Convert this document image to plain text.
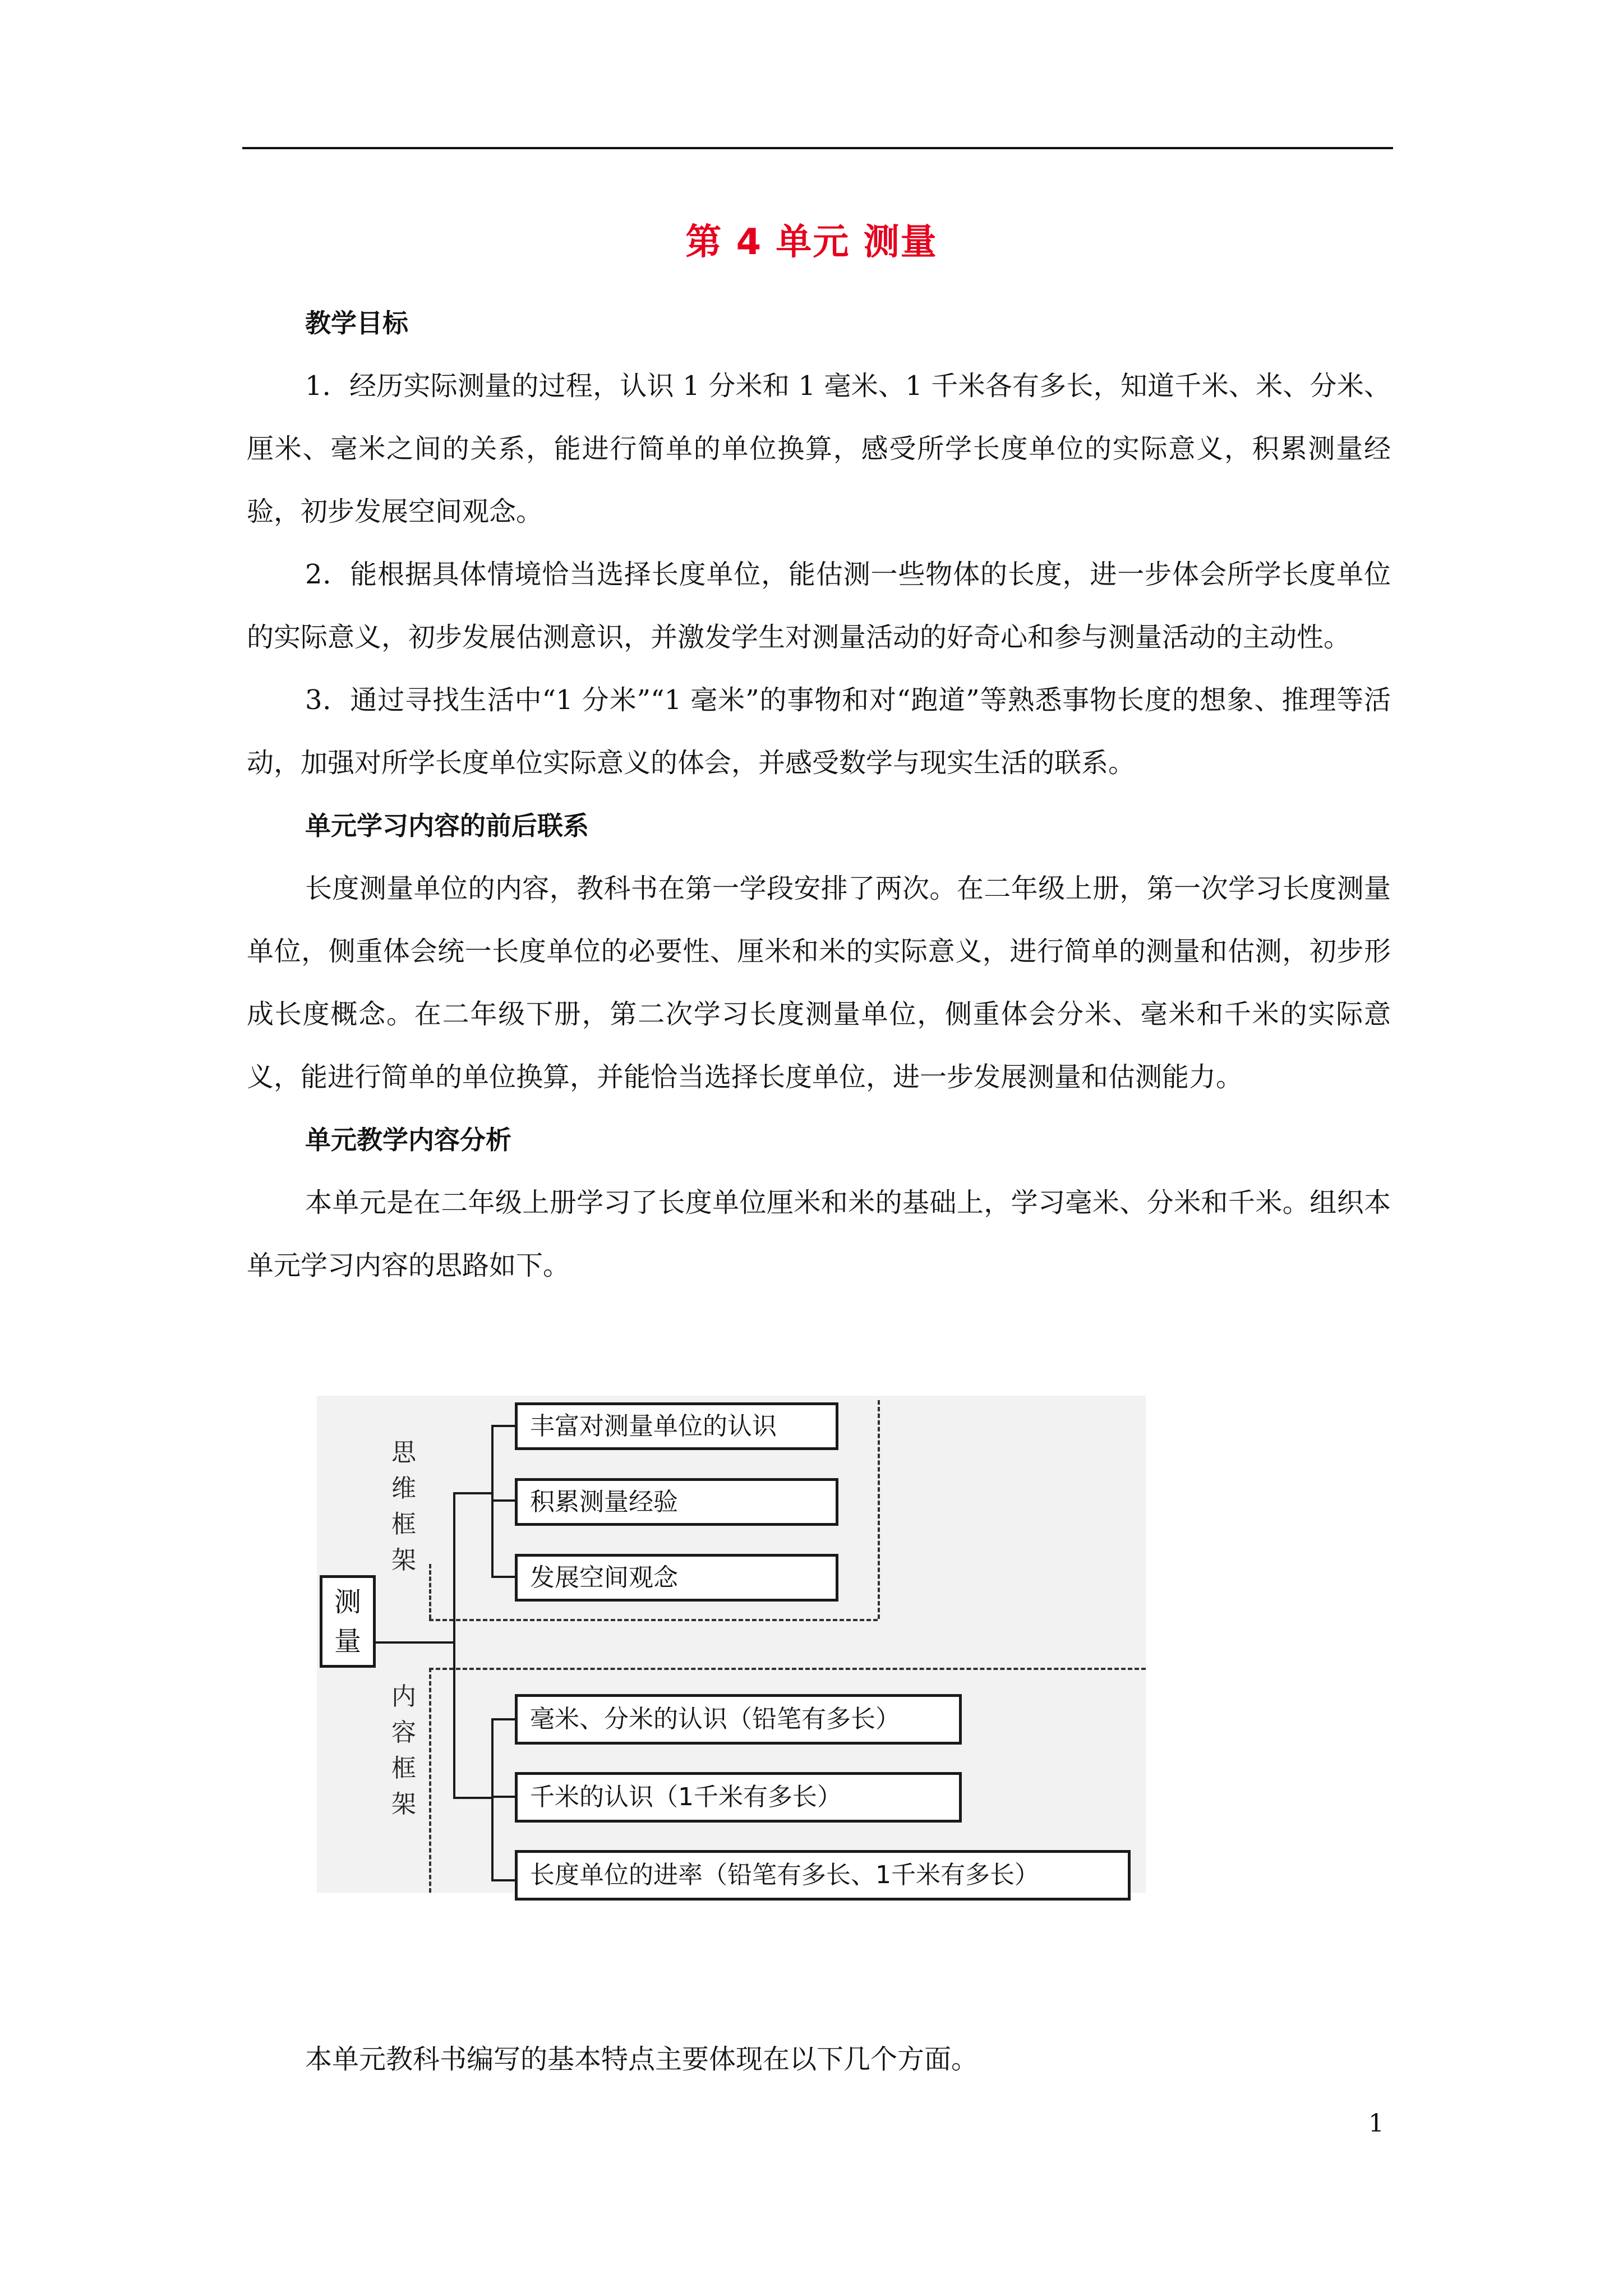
第 4 单元 测量

教学目标

1．经历实际测量的过程，认识 1 分米和 1 毫米、1 千米各有多长，知道千米、米、分米、厘米、毫米之间的关系，能进行简单的单位换算，感受所学长度单位的实际意义，积累测量经验，初步发展空间观念。

2．能根据具体情境恰当选择长度单位，能估测一些物体的长度，进一步体会所学长度单位的实际意义，初步发展估测意识，并激发学生对测量活动的好奇心和参与测量活动的主动性。

3．通过寻找生活中“1 分米”“1 毫米”的事物和对“跑道”等熟悉事物长度的想象、推理等活动，加强对所学长度单位实际意义的体会，并感受数学与现实生活的联系。

单元学习内容的前后联系

长度测量单位的内容，教科书在第一学段安排了两次。在二年级上册，第一次学习长度测量单位，侧重体会统一长度单位的必要性、厘米和米的实际意义，进行简单的测量和估测，初步形成长度概念。在二年级下册，第二次学习长度测量单位，侧重体会分米、毫米和千米的实际意义，能进行简单的单位换算，并能恰当选择长度单位，进一步发展测量和估测能力。

单元教学内容分析

本单元是在二年级上册学习了长度单位厘米和米的基础上，学习毫米、分米和千米。组织本单元学习内容的思路如下。

测
量
思
维
框
架
内
容
框
架
丰富对测量单位的认识
积累测量经验
发展空间观念
毫米、分米的认识（铅笔有多长）
千米的认识（1千米有多长）
长度单位的进率（铅笔有多长、1千米有多长）

本单元教科书编写的基本特点主要体现在以下几个方面。

1
